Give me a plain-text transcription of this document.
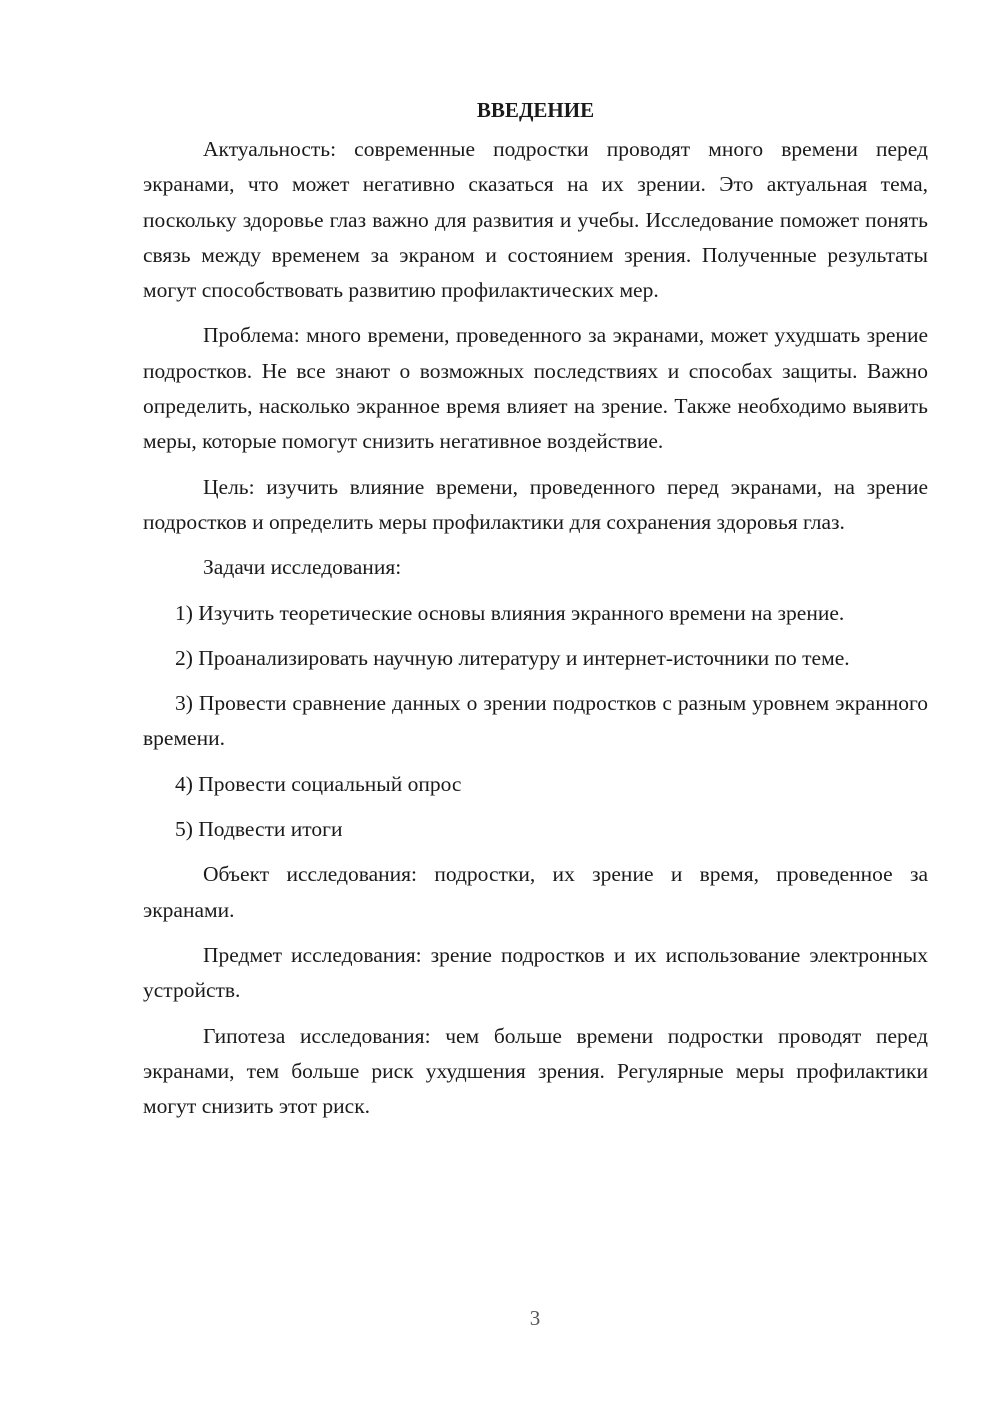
ВВЕДЕНИЕ
Актуальность: современные подростки проводят много времени перед экранами, что может негативно сказаться на их зрении. Это актуальная тема, поскольку здоровье глаз важно для развития и учебы. Исследование поможет понять связь между временем за экраном и состоянием зрения. Полученные результаты могут способствовать развитию профилактических мер.
Проблема: много времени, проведенного за экранами, может ухудшать зрение подростков. Не все знают о возможных последствиях и способах защиты. Важно определить, насколько экранное время влияет на зрение. Также необходимо выявить меры, которые помогут снизить негативное воздействие.
Цель: изучить влияние времени, проведенного перед экранами, на зрение подростков и определить меры профилактики для сохранения здоровья глаз.
Задачи исследования:
1) Изучить теоретические основы влияния экранного времени на зрение.
2) Проанализировать научную литературу и интернет-источники по теме.
3) Провести сравнение данных о зрении подростков с разным уровнем экранного времени.
4) Провести социальный опрос
5) Подвести итоги
Объект исследования: подростки, их зрение и время, проведенное за экранами.
Предмет исследования: зрение подростков и их использование электронных устройств.
Гипотеза исследования: чем больше времени подростки проводят перед экранами, тем больше риск ухудшения зрения. Регулярные меры профилактики могут снизить этот риск.
3
